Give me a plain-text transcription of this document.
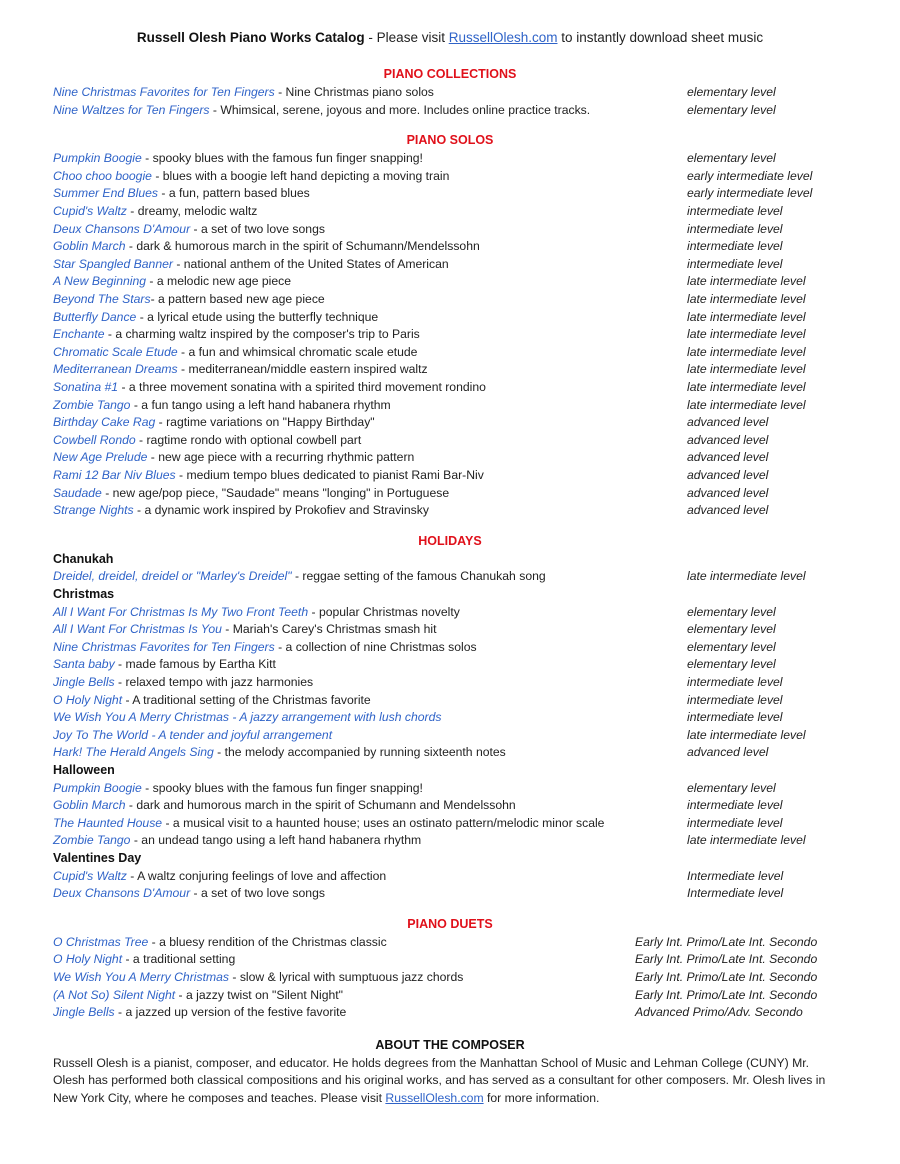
Russell Olesh Piano Works Catalog - Please visit RussellOlesh.com to instantly download sheet music
PIANO COLLECTIONS
Nine Christmas Favorites for Ten Fingers - Nine Christmas piano solos	elementary level
Nine Waltzes for Ten Fingers - Whimsical, serene, joyous and more. Includes online practice tracks.	elementary level
PIANO SOLOS
Pumpkin Boogie - spooky blues with the famous fun finger snapping!	elementary level
Choo choo boogie - blues with a boogie left hand depicting a moving train	early intermediate level
Summer End Blues - a fun, pattern based blues	early intermediate level
Cupid's Waltz - dreamy, melodic waltz	intermediate level
Deux Chansons D'Amour - a set of two love songs	intermediate level
Goblin March - dark & humorous march in the spirit of Schumann/Mendelssohn	intermediate level
Star Spangled Banner - national anthem of the United States of American	intermediate level
A New Beginning - a melodic new age piece	late intermediate level
Beyond The Stars- a pattern based new age piece	late intermediate level
Butterfly Dance - a lyrical etude using the butterfly technique	late intermediate level
Enchante - a charming waltz inspired by the composer's trip to Paris	late intermediate level
Chromatic Scale Etude - a fun and whimsical chromatic scale etude	late intermediate level
Mediterranean Dreams - mediterranean/middle eastern inspired waltz	late intermediate level
Sonatina #1 - a three movement sonatina with a spirited third movement rondino	late intermediate level
Zombie Tango - a fun tango using a left hand habanera rhythm	late intermediate level
Birthday Cake Rag - ragtime variations on "Happy Birthday"	advanced level
Cowbell Rondo - ragtime rondo with optional cowbell part	advanced level
New Age Prelude - new age piece with a recurring rhythmic pattern	advanced level
Rami 12 Bar Niv Blues - medium tempo blues dedicated to pianist Rami Bar-Niv	advanced level
Saudade - new age/pop piece, "Saudade" means "longing" in Portuguese	advanced level
Strange Nights - a dynamic work inspired by Prokofiev and Stravinsky	advanced level
HOLIDAYS
Chanukah
Dreidel, dreidel, dreidel or "Marley's Dreidel" - reggae setting of the famous Chanukah song	late intermediate level
Christmas
All I Want For Christmas Is My Two Front Teeth - popular Christmas novelty	elementary level
All I Want For Christmas Is You - Mariah's Carey's Christmas smash hit	elementary level
Nine Christmas Favorites for Ten Fingers - a collection of nine Christmas solos	elementary level
Santa baby - made famous by Eartha Kitt	elementary level
Jingle Bells - relaxed tempo with jazz harmonies	intermediate level
O Holy Night - A traditional setting of the Christmas favorite	intermediate level
We Wish You A Merry Christmas - A jazzy arrangement with lush chords	intermediate level
Joy To The World - A tender and joyful arrangement	late intermediate level
Hark! The Herald Angels Sing - the melody accompanied by running sixteenth notes	advanced level
Halloween
Pumpkin Boogie - spooky blues with the famous fun finger snapping!	elementary level
Goblin March - dark and humorous march in the spirit of Schumann and Mendelssohn	intermediate level
The Haunted House - a musical visit to a haunted house; uses an ostinato pattern/melodic minor scale	intermediate level
Zombie Tango - an undead tango using a left hand habanera rhythm	late intermediate level
Valentines Day
Cupid's Waltz - A waltz conjuring feelings of love and affection	Intermediate level
Deux Chansons D'Amour - a set of two love songs	Intermediate level
PIANO DUETS
O Christmas Tree - a bluesy rendition of the Christmas classic	Early Int. Primo/Late Int. Secondo
O Holy Night - a traditional setting	Early Int. Primo/Late Int. Secondo
We Wish You A Merry Christmas - slow & lyrical with sumptuous jazz chords	Early Int. Primo/Late Int. Secondo
(A Not So) Silent Night - a jazzy twist on "Silent Night"	Early Int. Primo/Late Int. Secondo
Jingle Bells - a jazzed up version of the festive favorite	Advanced Primo/Adv. Secondo
ABOUT THE COMPOSER
Russell Olesh is a pianist, composer, and educator. He holds degrees from the Manhattan School of Music and Lehman College (CUNY) Mr. Olesh has performed both classical compositions and his original works, and has served as a consultant for other composers. Mr. Olesh lives in New York City, where he composes and teaches. Please visit RussellOlesh.com for more information.
